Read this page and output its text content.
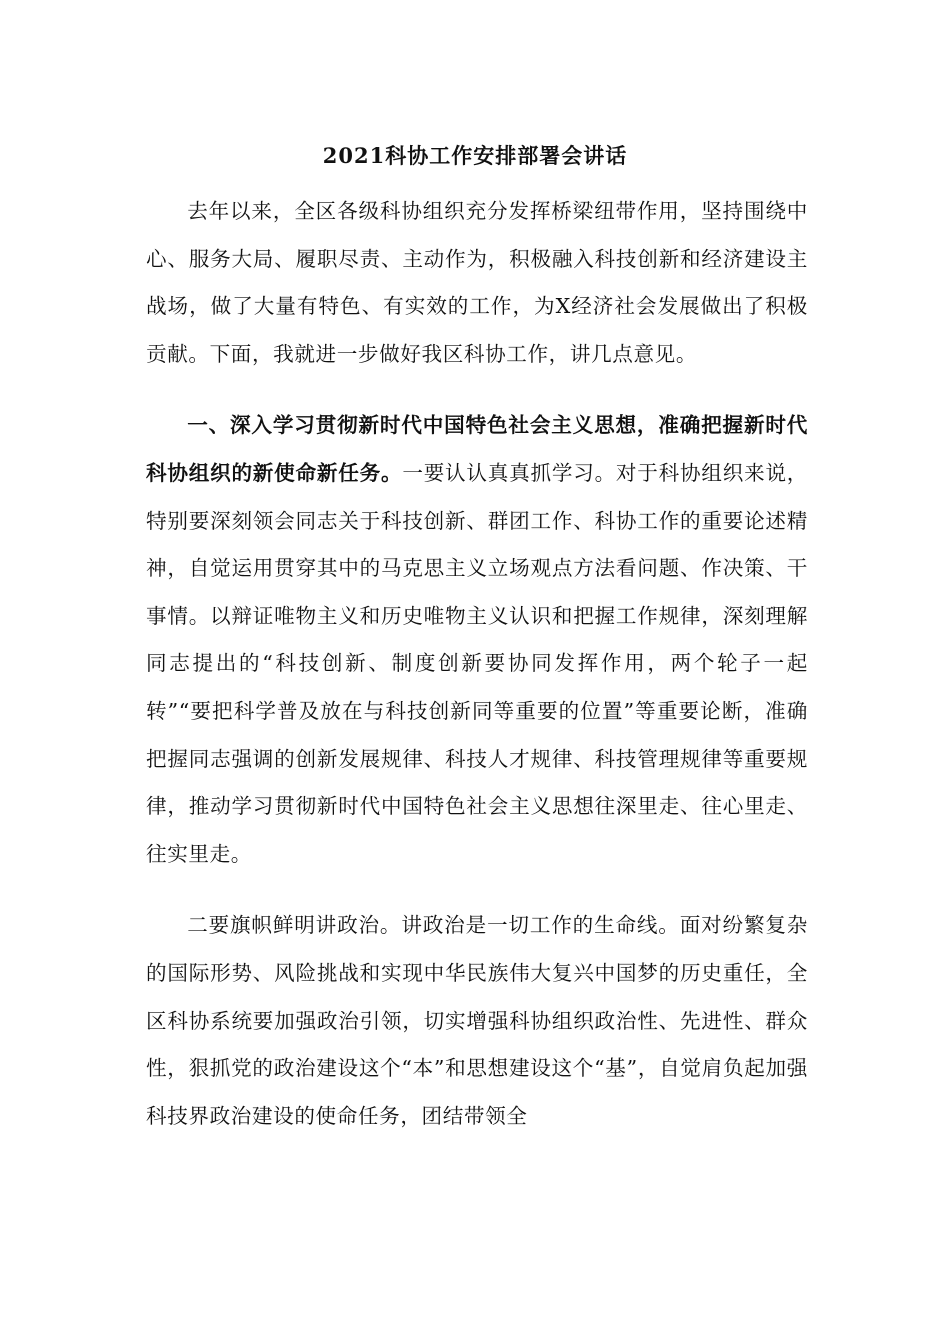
2021科协工作安排部署会讲话

去年以来，全区各级科协组织充分发挥桥梁纽带作用，坚持围绕中心、服务大局、履职尽责、主动作为，积极融入科技创新和经济建设主战场，做了大量有特色、有实效的工作，为X经济社会发展做出了积极贡献。下面，我就进一步做好我区科协工作，讲几点意见。

一、深入学习贯彻新时代中国特色社会主义思想，准确把握新时代科协组织的新使命新任务。一要认认真真抓学习。对于科协组织来说，特别要深刻领会同志关于科技创新、群团工作、科协工作的重要论述精神，自觉运用贯穿其中的马克思主义立场观点方法看问题、作决策、干事情。以辩证唯物主义和历史唯物主义认识和把握工作规律，深刻理解同志提出的“科技创新、制度创新要协同发挥作用，两个轮子一起转”“要把科学普及放在与科技创新同等重要的位置”等重要论断，准确把握同志强调的创新发展规律、科技人才规律、科技管理规律等重要规律，推动学习贯彻新时代中国特色社会主义思想往深里走、往心里走、往实里走。

二要旗帜鲜明讲政治。讲政治是一切工作的生命线。面对纷繁复杂的国际形势、风险挑战和实现中华民族伟大复兴中国梦的历史重任，全区科协系统要加强政治引领，切实增强科协组织政治性、先进性、群众性，狠抓党的政治建设这个“本”和思想建设这个“基”，自觉肩负起加强科技界政治建设的使命任务，团结带领全
